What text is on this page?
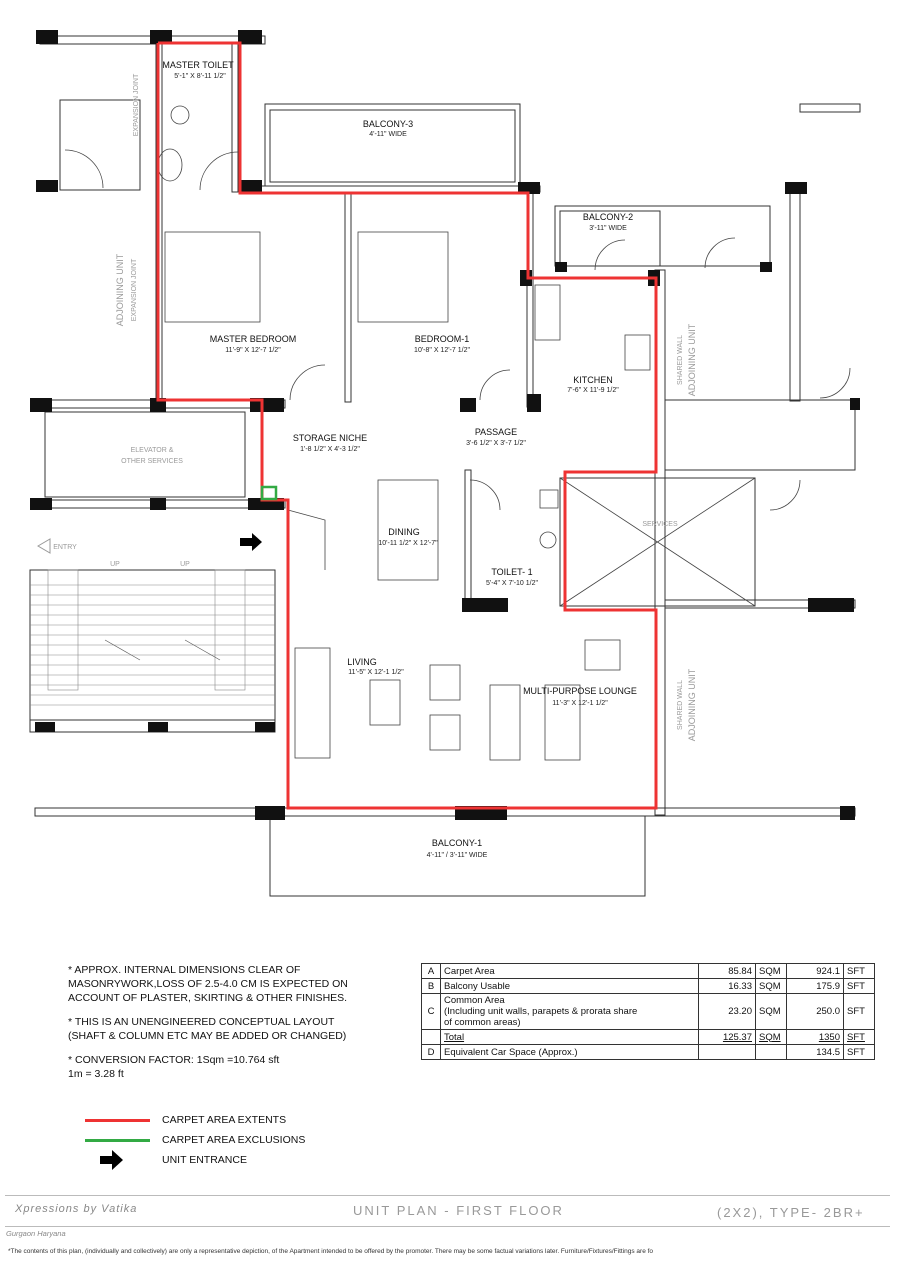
MASTER TOILET
5'-1" X 8'-11 1/2"
BALCONY-3
4'-11" WIDE
BALCONY-2
3'-11" WIDE
MASTER BEDROOM
11'-9" X 12'-7 1/2"
BEDROOM-1
10'-8" X 12'-7 1/2"
KITCHEN
7'-6" X 11'-9 1/2"
STORAGE NICHE
1'-8 1/2" X 4'-3 1/2"
PASSAGE
3'-6 1/2" X 3'-7 1/2"
DINING
10'-11 1/2" X 12'-7"
TOILET- 1
5'-4" X 7'-10 1/2"
LIVING
11'-5" X 12'-1 1/2"
MULTI-PURPOSE LOUNGE
11'-3" X 12'-1 1/2"
BALCONY-1
4'-11" / 3'-11" WIDE
EXPANSION JOINT
ADJOINING UNIT EXPANSION JOINT
ELEVATOR &
OTHER SERVICES
ENTRY
UP	UP
SERVICES
SHARED WALL ADJOINING UNIT
SHARED WALL ADJOINING UNIT

* APPROX. INTERNAL DIMENSIONS CLEAR OF
MASONRYWORK,LOSS OF 2.5-4.0 CM IS EXPECTED ON
ACCOUNT OF PLASTER, SKIRTING & OTHER FINISHES.

* THIS IS AN UNENGINEERED CONCEPTUAL LAYOUT
(SHAFT & COLUMN ETC MAY BE ADDED OR CHANGED)

* CONVERSION FACTOR: 1Sqm =10.764 sft
1m = 3.28 ft

CARPET AREA EXTENTS
CARPET AREA EXCLUSIONS
UNIT ENTRANCE
A	Carpet Area	85.84	SQM	924.1	SFT
B	Balcony Usable	16.33	SQM	175.9	SFT
C	Common Area
(Including unit walls, parapets & prorata share
of common areas)	23.20	SQM	250.0	SFT
	Total	125.37	SQM	1350	SFT
D	Equivalent Car Space (Approx.)			134.5	SFT
Xpressions by Vatika	UNIT PLAN - FIRST FLOOR	(2X2), TYPE- 2BR+
Gurgaon Haryana
*The contents of this plan, (individually and collectively) are only a representative depiction, of the Apartment intended to be offered by the promoter. There may be some factual variations later. Furniture/Fixtures/Fittings are fo
